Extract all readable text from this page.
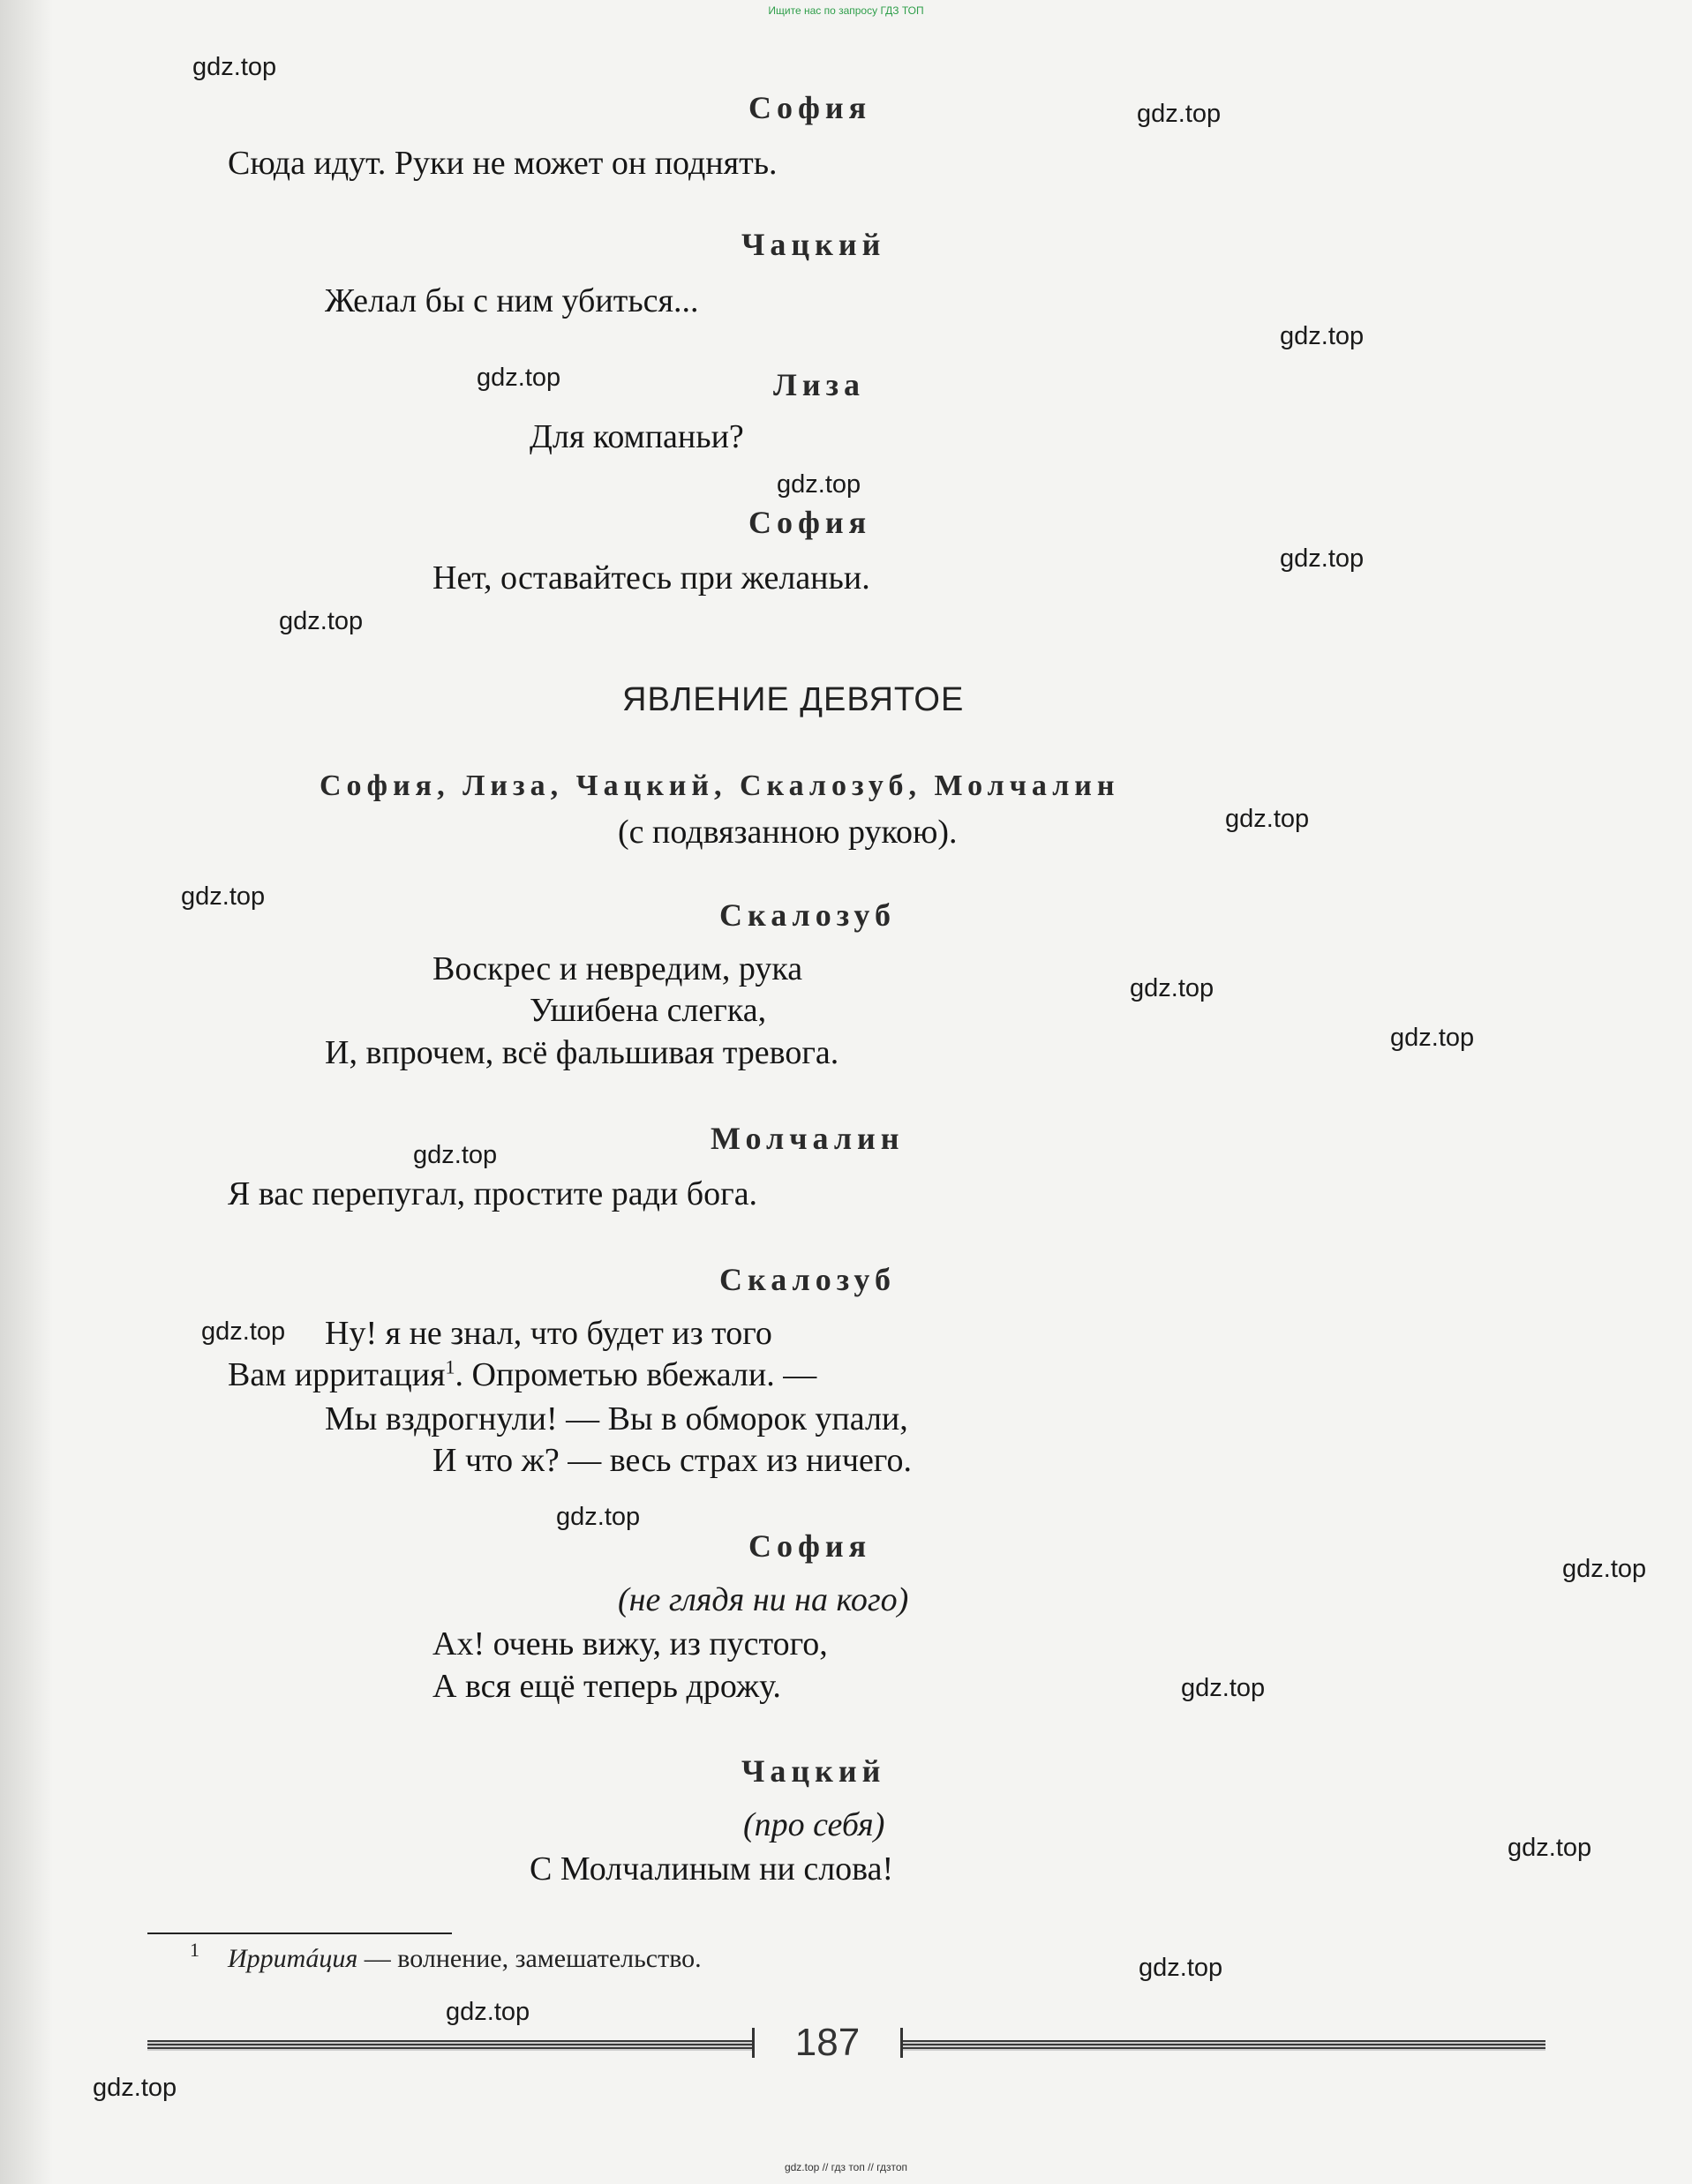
Ищите нас по запросу ГДЗ ТОП
София
Сюда идут. Руки не может он поднять.
Чацкий
Желал бы с ним убиться...
Лиза
Для компаньи?
София
Нет, оставайтесь при желаньи.
ЯВЛЕНИЕ ДЕВЯТОЕ
София, Лиза, Чацкий, Скалозуб, Молчалин
(с подвязанною рукою).
Скалозуб
Воскрес и невредим, рука
Ушибена слегка,
И, впрочем, всё фальшивая тревога.
Молчалин
Я вас перепугал, простите ради бога.
Скалозуб
Ну! я не знал, что будет из того
Вам ирритация$^1$. Опрометью вбежали. —
Мы вздрогнули! — Вы в обморок упали,
И что ж? — весь страх из ничего.
София
(не глядя ни на кого)
Ах! очень вижу, из пустого,
А вся ещё теперь дрожу.
Чацкий
(про себя)
С Молчалиным ни слова!
1 Ирритáция — волнение, замешательство.
187
gdz.top
gdz.top
gdz.top
gdz.top
gdz.top
gdz.top
gdz.top
gdz.top
gdz.top
gdz.top
gdz.top
gdz.top
gdz.top
gdz.top
gdz.top
gdz.top
gdz.top
gdz.top
gdz.top
gdz.top
gdz.top // гдз топ // гдзтоп
